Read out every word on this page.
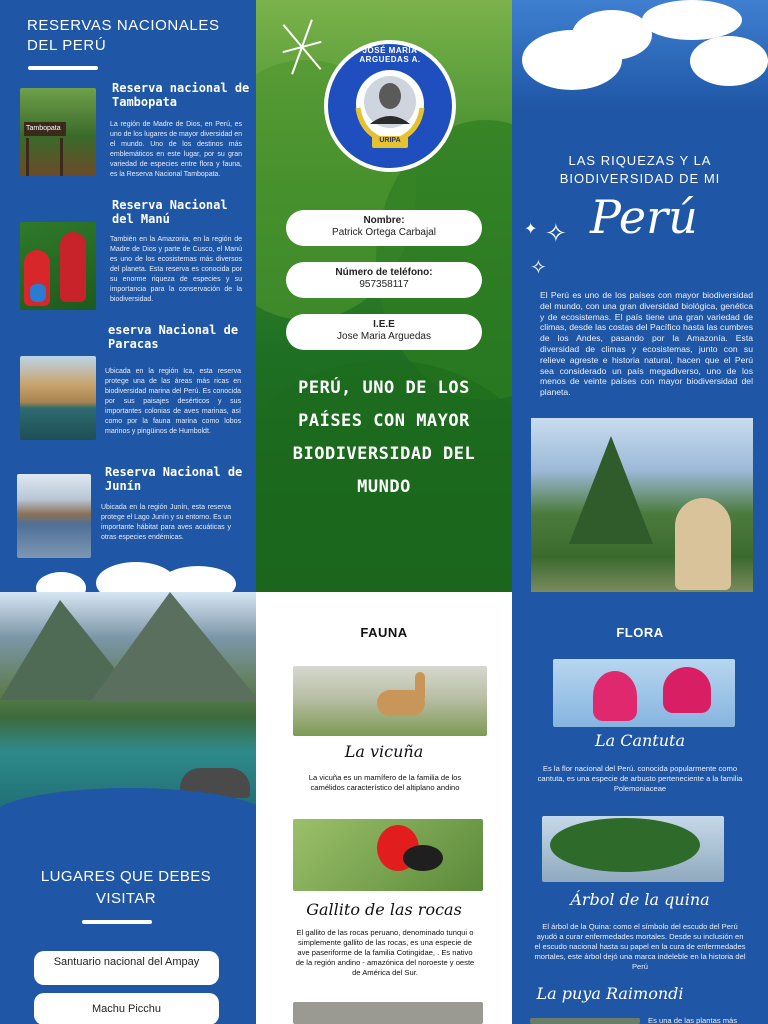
RESERVAS NACIONALES DEL PERÚ
Tambopata
Reserva nacional de Tambopata
La región de Madre de Dios, en Perú, es uno de los lugares de mayor diversidad en el mundo. Uno de los destinos más emblemáticos en este lugar, por su gran variedad de especies entre flora y fauna, es la Reserva Nacional Tambopata.
Reserva Nacional del Manú
También en la Amazonia, en la región de Madre de Dios y parte de Cusco, el Manú es uno de los ecosistemas más diversos del planeta. Esta reserva es conocida por su enorme riqueza de especies y su importancia para la conservación de la biodiversidad.
eserva Nacional de Paracas
Ubicada en la región Ica, esta reserva protege una de las áreas más ricas en biodiversidad marina del Perú. Es conocida por sus paisajes desérticos y sus importantes colonias de aves marinas, así como por la fauna marina como lobos marinos y pingüinos de Humboldt.
Reserva Nacional de Junín
Ubicada en la región Junín, esta reserva protege el Lago Junín y su entorno. Es un importante hábitat para aves acuáticas y otras especies endémicas.
JOSÉ MARÍA ARGUEDAS A.
URIPA
Nombre:
Patrick Ortega Carbajal
Número de teléfono:
957358117
I.E.E
Jose Maria Arguedas
PERÚ, UNO DE LOS PAÍSES CON MAYOR BIODIVERSIDAD DEL MUNDO
LAS RIQUEZAS Y LA BIODIVERSIDAD DE MI
✦ ✧
✧
Perú
El Perú es uno de los países con mayor biodiversidad del mundo, con una gran diversidad biológica, genética y de ecosistemas. El país tiene una gran variedad de climas, desde las costas del Pacífico hasta las cumbres de los Andes, pasando por la Amazonía. Esta diversidad de climas y ecosistemas, junto con su relieve agreste e historia natural, hacen que el Perú sea considerado un país megadiverso, uno de los menos de veinte países con mayor biodiversidad del planeta.
LUGARES QUE DEBES VISITAR
Santuario nacional del Ampay
Machu Picchu
FAUNA
La vicuña
La vicuña es un mamífero de la familia de los camélidos característico del altiplano andino
Gallito de las rocas
El gallito de las rocas peruano, denominado tunqui o simplemente gallito de las rocas, es una especie de ave paseriforme de la familia Cotingidae, . Es nativo de la región andino - amazónica del noroeste y oeste de América del Sur.
FLORA
La Cantuta
Es la flor nacional del Perú. conocida popularmente como cantuta, es una especie de arbusto perteneciente a la familia Polemoniaceae
Árbol de la quina
El árbol de la Quina: como el símbolo del escudo del Perú ayudó a curar enfermedades mortales. Desde su inclusión en el escudo nacional hasta su papel en la cura de enfermedades mortales, este árbol dejó una marca indeleble en la historia del Perú
La puya Raimondi
Es una de las plantas más
